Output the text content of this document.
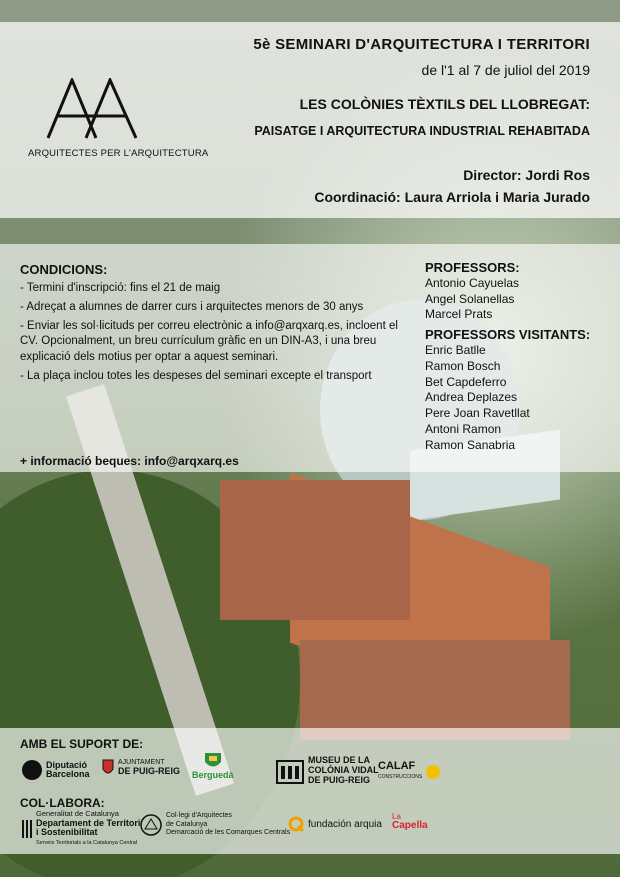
ARQUITECTES PER L'ARQUITECTURA
5è SEMINARI D'ARQUITECTURA I TERRITORI
de l'1 al 7 de juliol del 2019
LES COLÒNIES TÈXTILS DEL LLOBREGAT:
PAISATGE I ARQUITECTURA INDUSTRIAL REHABITADA
Director: Jordi Ros
Coordinació: Laura Arriola i Maria Jurado
CONDICIONS:

- Termini d'inscripció: fins el 21 de maig

- Adreçat a alumnes de darrer curs i arquitectes menors de 30 anys

- Enviar les sol·licituds per correu electrònic a info@arqxarq.es, incloent el CV. Opcionalment, un breu currículum gràfic en un DIN-A3, i una breu explicació dels motius per optar a aquest seminari.

- La plaça inclou totes les despeses del seminari excepte el transport

+ informació beques: info@arqxarq.es
PROFESSORS:
Antonio Cayuelas
Angel Solanellas
Marcel Prats
PROFESSORS VISITANTS:
Enric Batlle
Ramon Bosch
Bet Capdeferro
Andrea Deplazes
Pere Joan Ravetllat
Antoni Ramon
Ramon Sanabria
AMB EL SUPORT DE:
Diputació
Barcelona
AJUNTAMENT
DE PUIG-REIG Berguedà
MUSEU DE LA
COLÒNIA VIDAL
DE PUIG-REIG
CALAF
CONSTRUCCIONS
COL·LABORA:
Generalitat de Catalunya
Departament de Territori
i Sostenibilitat
Serveis Territorials a la Catalunya Central
Col·legi d'Arquitectes
de Catalunya
Demarcació de les Comarques Centrals
fundación arquia
La
Capella
